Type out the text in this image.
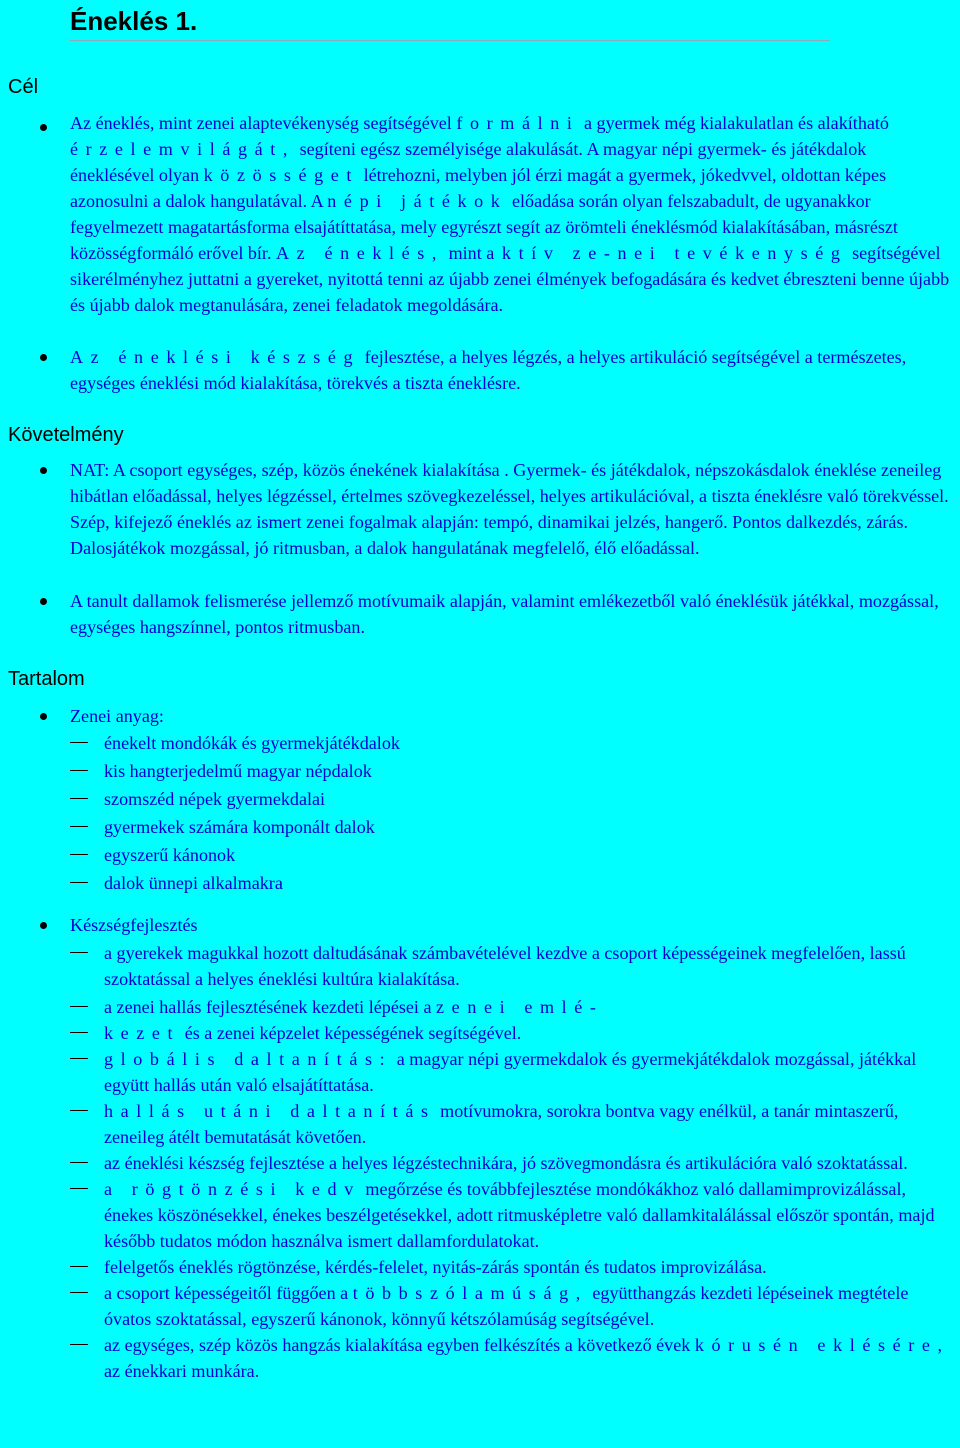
Éneklés 1.
Cél
Az éneklés, mint zenei alaptevékenység segítségével formálni a gyermek még kialakulatlan és alakítható érzelemvilágát, segíteni egész személyisége alakulását. A magyar népi gyermek- és játékdalok éneklésével olyan közösséget létrehozni, melyben jól érzi magát a gyermek, jókedvvel, oldottan képes azonosulni a dalok hangulatával. A népi játékok előadása során olyan felszabadult, de ugyanakkor fegyelmezett magatartásforma elsajátíttatása, mely egyrészt segít az örömteli éneklésmód kialakításában, másrészt közösségformáló erővel bír. Az éneklés, mint aktív ze-nei tevékenység segítségével sikerélményhez juttatni a gyereket, nyitottá tenni az újabb zenei élmények befogadására és kedvet ébreszteni benne újabb és újabb dalok megtanulására, zenei feladatok megoldására.
Az éneklési készség fejlesztése, a helyes légzés, a helyes artikuláció segítségével a természetes, egységes éneklési mód kialakítása, törekvés a tiszta éneklésre.
Követelmény
NAT: A csoport egységes, szép, közös énekének kialakítása . Gyermek- és játékdalok, népszokásdalok éneklése zeneileg hibátlan előadással, helyes légzéssel, értelmes szövegkezeléssel, helyes artikulációval, a tiszta éneklésre való törekvéssel. Szép, kifejező éneklés az ismert zenei fogalmak alapján: tempó, dinamikai jelzés, hangerő. Pontos dalkezdés, zárás. Dalosjátékok mozgással, jó ritmusban, a dalok hangulatának megfelelő, élő előadással.
A tanult dallamok felismerése jellemző motívumaik alapján, valamint emlékezetből való éneklésük játékkal, mozgással, egységes hangszínnel, pontos ritmusban.
Tartalom
Zenei anyag:
énekelt mondókák és gyermekjátékdalok
kis hangterjedelmű magyar népdalok
szomszéd népek gyermekdalai
gyermekek számára komponált dalok
egyszerű kánonok
dalok ünnepi alkalmakra
Készségfejlesztés
a gyerekek magukkal hozott daltudásának számbavételével kezdve a csoport képességeinek megfelelően, lassú szoktatással a helyes éneklési kultúra kialakítása.
a zenei hallás fejlesztésének kezdeti lépései a zenei emlé-
kezet és a zenei képzelet képességének segítségével.
globális daltanítás: a magyar népi gyermekdalok és gyermekjátékdalok mozgással, játékkal együtt hallás után való elsajátíttatása.
hallás utáni daltanítás motívumokra, sorokra bontva vagy enélkül, a tanár mintaszerű, zeneileg átélt bemutatását követően.
az éneklési készség fejlesztése a helyes légzéstechnikára, jó szövegmondásra és artikulációra való szoktatással.
a rögtönzési kedv megőrzése és továbbfejlesztése mondókákhoz való dallamimprovizálással, énekes köszönésekkel, énekes beszélgetésekkel, adott ritmusképletre való dallamkitalálással először spontán, majd később tudatos módon használva ismert dallamfordulatokat.
felelgetős éneklés rögtönzése, kérdés-felelet, nyitás-zárás spontán és tudatos improvizálása.
a csoport képességeitől függően a többszólamúság, együtthangzás kezdeti lépéseinek megtétele óvatos szoktatással, egyszerű kánonok, könnyű kétszólamúság segítségével.
az egységes, szép közös hangzás kialakítása egyben felkészítés a következő évek kórusén eklésére, az énekkari munkára.
